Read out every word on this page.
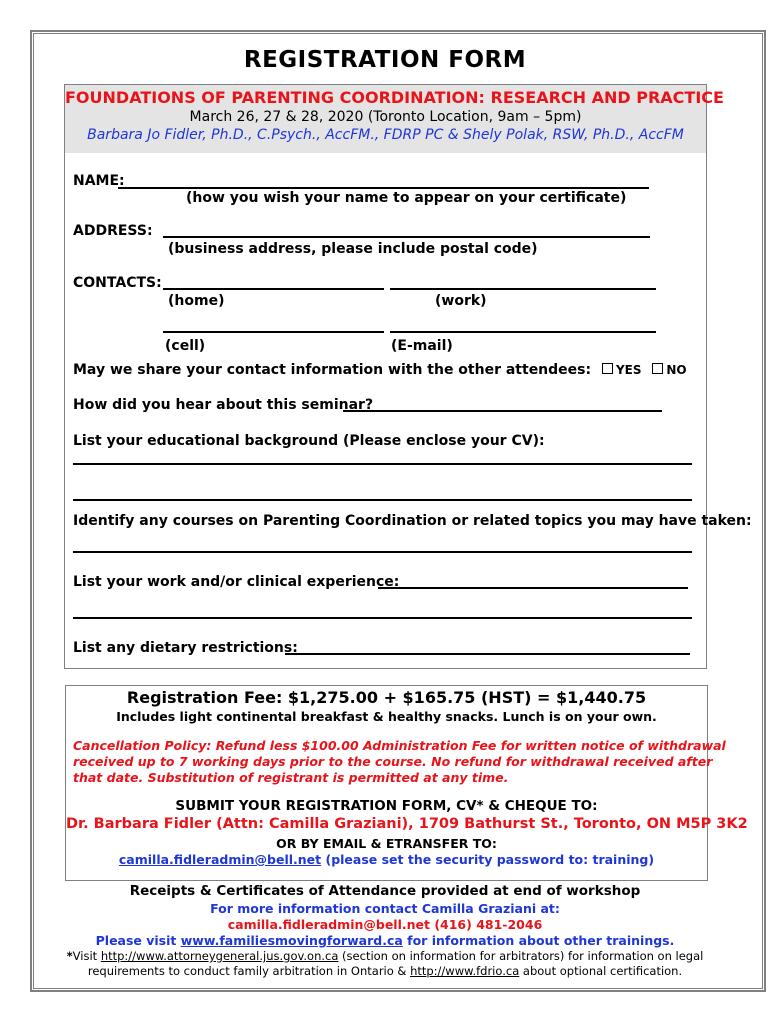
REGISTRATION FORM
FOUNDATIONS OF PARENTING COORDINATION: RESEARCH AND PRACTICE
March 26, 27 & 28, 2020 (Toronto Location, 9am – 5pm)
Barbara Jo Fidler, Ph.D., C.Psych., AccFM., FDRP PC & Shely Polak, RSW, Ph.D., AccFM
NAME:
(how you wish your name to appear on your certificate)
ADDRESS:
(business address, please include postal code)
CONTACTS:
(home)	(work)
(cell)	(E-mail)
May we share your contact information with the other attendees: YES NO
How did you hear about this seminar?
List your educational background (Please enclose your CV):
Identify any courses on Parenting Coordination or related topics you may have taken:
List your work and/or clinical experience:
List any dietary restrictions:
Registration Fee: $1,275.00 + $165.75 (HST) = $1,440.75
Includes light continental breakfast & healthy snacks. Lunch is on your own.
Cancellation Policy: Refund less $100.00 Administration Fee for written notice of withdrawal
received up to 7 working days prior to the course. No refund for withdrawal received after
that date. Substitution of registrant is permitted at any time.
SUBMIT YOUR REGISTRATION FORM, CV* & CHEQUE TO:
Dr. Barbara Fidler (Attn: Camilla Graziani), 1709 Bathurst St., Toronto, ON M5P 3K2
OR BY EMAIL & ETRANSFER TO:
camilla.fidleradmin@bell.net (please set the security password to: training)
Receipts & Certificates of Attendance provided at end of workshop
For more information contact Camilla Graziani at:
camilla.fidleradmin@bell.net (416) 481-2046
Please visit www.familiesmovingforward.ca for information about other trainings.
*Visit http://www.attorneygeneral.jus.gov.on.ca (section on information for arbitrators) for information on legal
requirements to conduct family arbitration in Ontario & http://www.fdrio.ca about optional certification.
